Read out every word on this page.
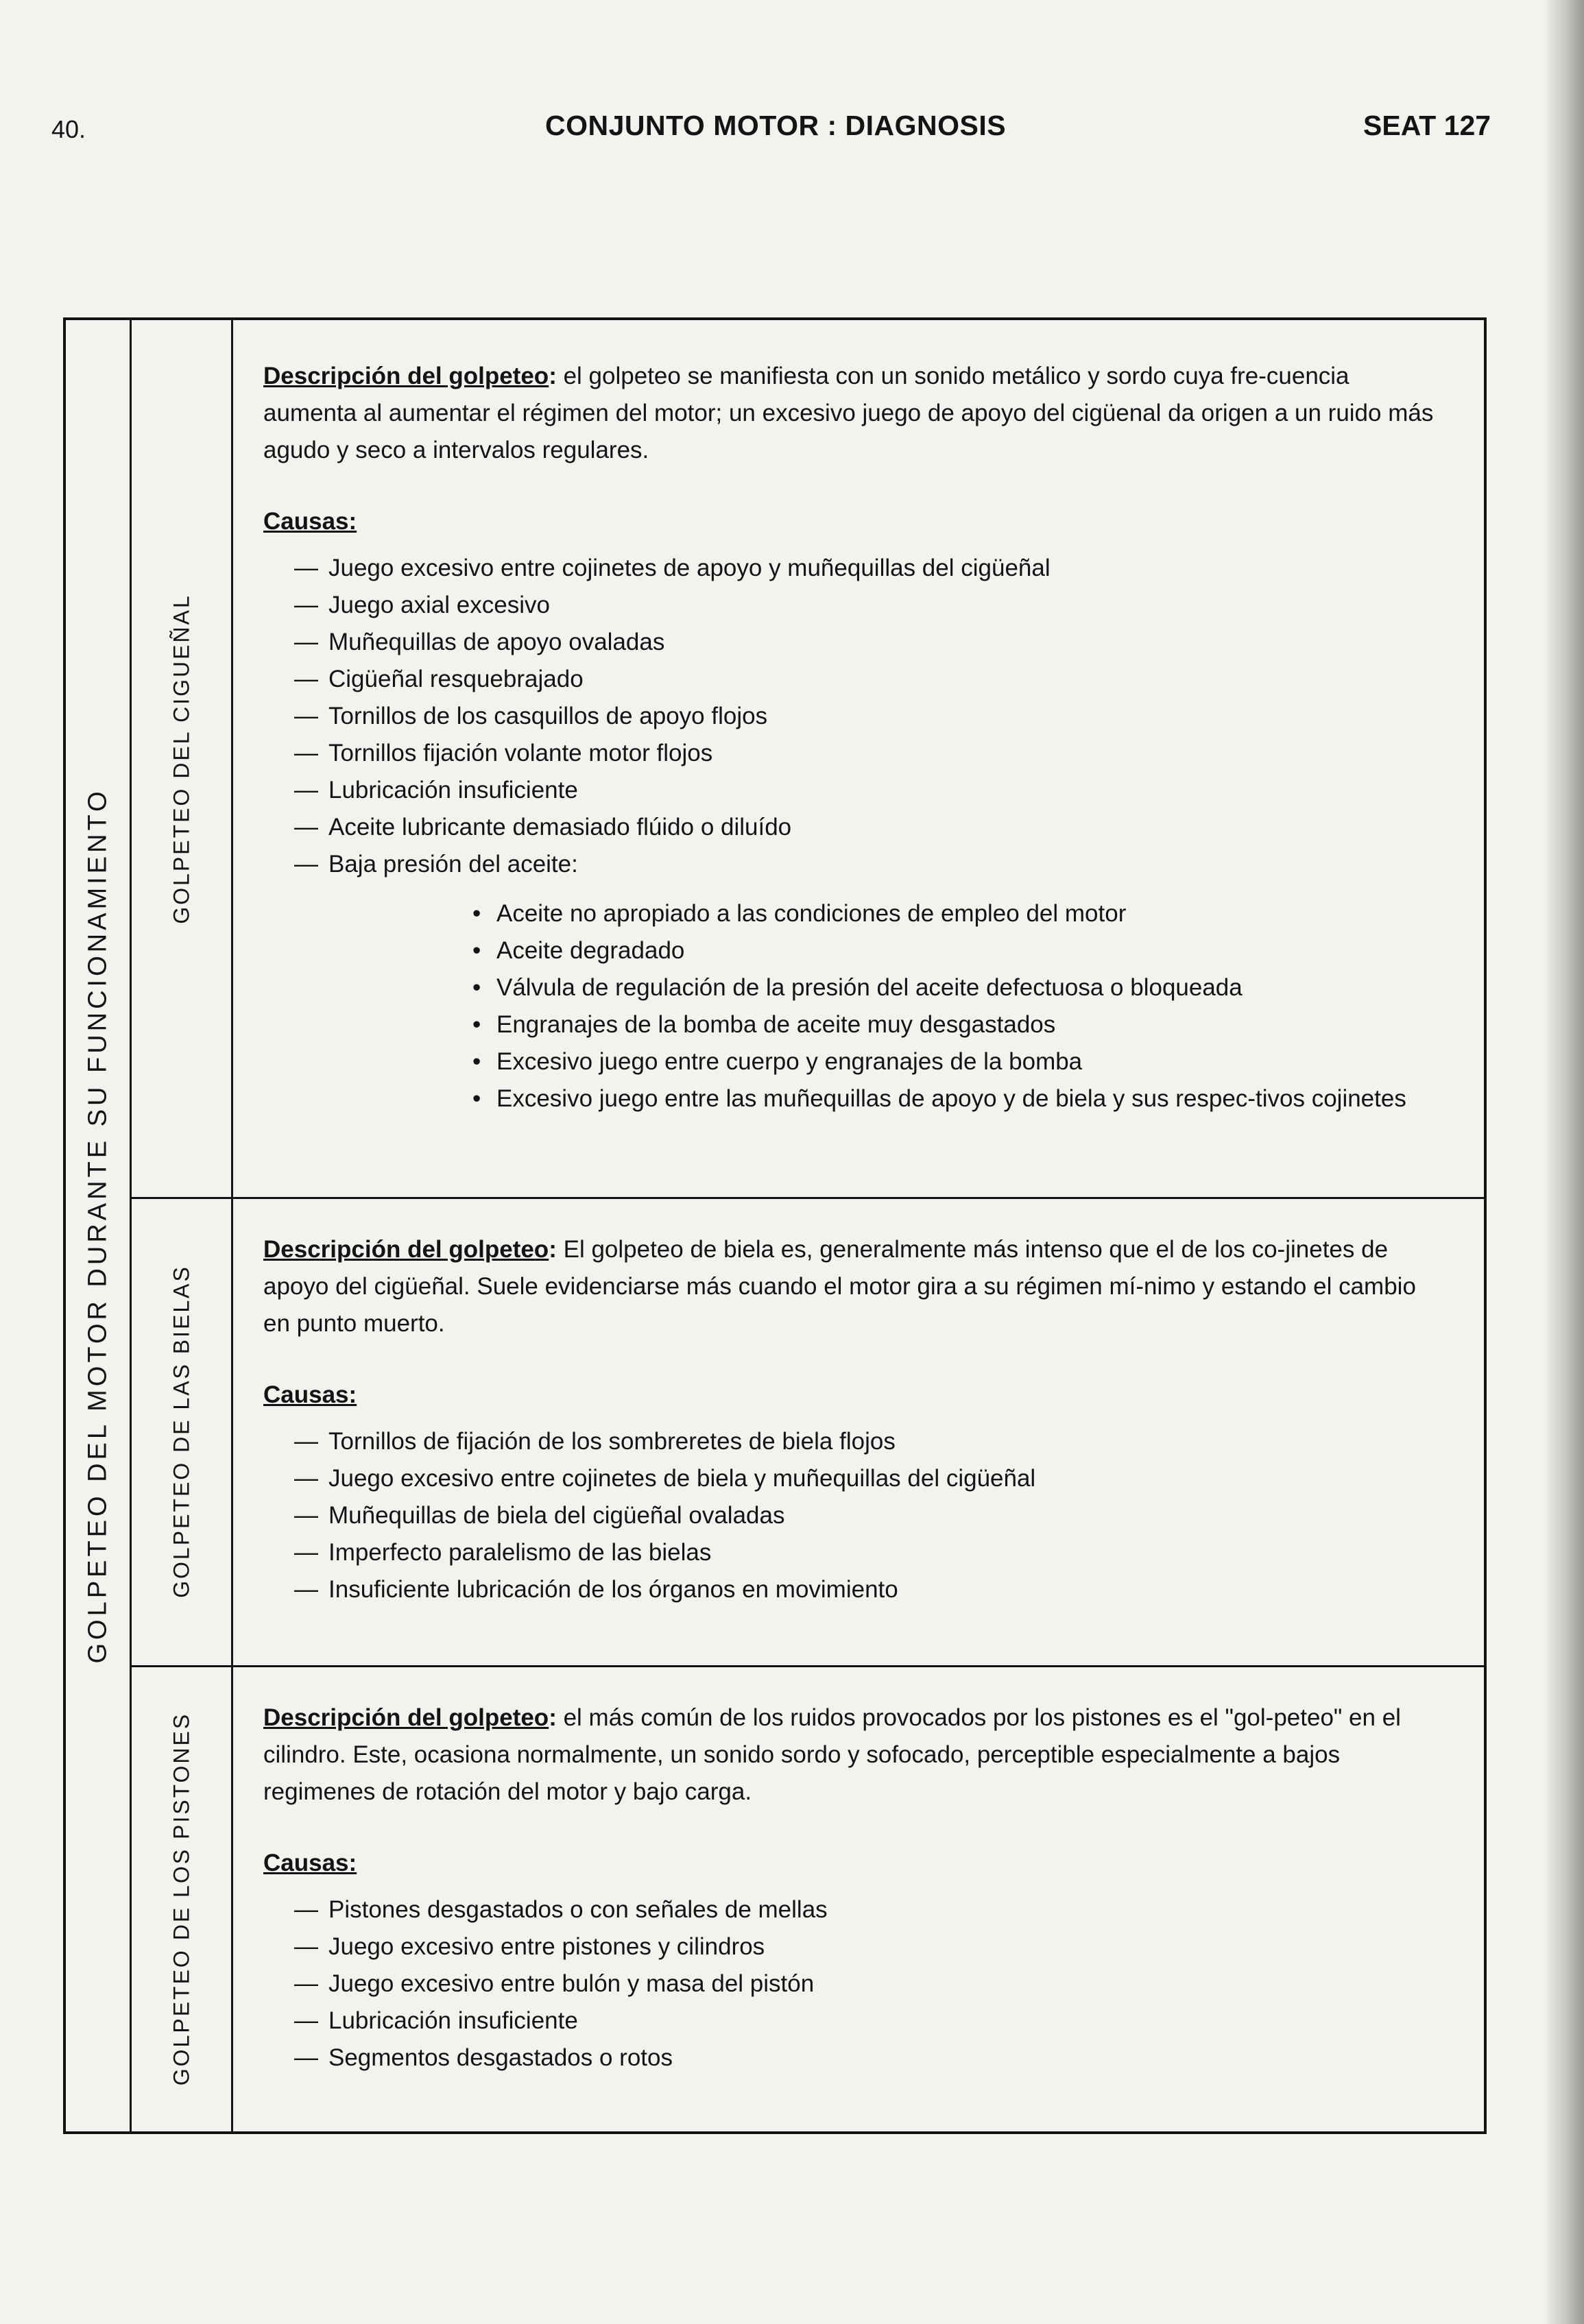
40.	CONJUNTO MOTOR : DIAGNOSIS	SEAT 127
GOLPETEO DEL MOTOR DURANTE SU FUNCIONAMIENTO
GOLPETEO DEL CIGUEÑAL
GOLPETEO DE LAS BIELAS
GOLPETEO DE LOS PISTONES
Descripción del golpeteo: el golpeteo se manifiesta con un sonido metálico y sordo cuya fre-cuencia aumenta al aumentar el régimen del motor; un excesivo juego de apoyo del cigüenal da origen a un ruido más agudo y seco a intervalos regulares.
Causas:
— Juego excesivo entre cojinetes de apoyo y muñequillas del cigüeñal
— Juego axial excesivo
— Muñequillas de apoyo ovaladas
— Cigüeñal resquebrajado
— Tornillos de los casquillos de apoyo flojos
— Tornillos fijación volante motor flojos
— Lubricación insuficiente
— Aceite lubricante demasiado flúido o diluído
— Baja presión del aceite:
• Aceite no apropiado a las condiciones de empleo del motor
• Aceite degradado
• Válvula de regulación de la presión del aceite defectuosa o bloqueada
• Engranajes de la bomba de aceite muy desgastados
• Excesivo juego entre cuerpo y engranajes de la bomba
• Excesivo juego entre las muñequillas de apoyo y de biela y sus respec-tivos cojinetes
Descripción del golpeteo: El golpeteo de biela es, generalmente más intenso que el de los co-jinetes de apoyo del cigüeñal. Suele evidenciarse más cuando el motor gira a su régimen mí-nimo y estando el cambio en punto muerto.
Causas:
— Tornillos de fijación de los sombreretes de biela flojos
— Juego excesivo entre cojinetes de biela y muñequillas del cigüeñal
— Muñequillas de biela del cigüeñal ovaladas
— Imperfecto paralelismo de las bielas
— Insuficiente lubricación de los órganos en movimiento
Descripción del golpeteo: el más común de los ruidos provocados por los pistones es el "gol-peteo" en el cilindro. Este, ocasiona normalmente, un sonido sordo y sofocado, perceptible especialmente a bajos regimenes de rotación del motor y bajo carga.
Causas:
— Pistones desgastados o con señales de mellas
— Juego excesivo entre pistones y cilindros
— Juego excesivo entre bulón y masa del pistón
— Lubricación insuficiente
— Segmentos desgastados o rotos
